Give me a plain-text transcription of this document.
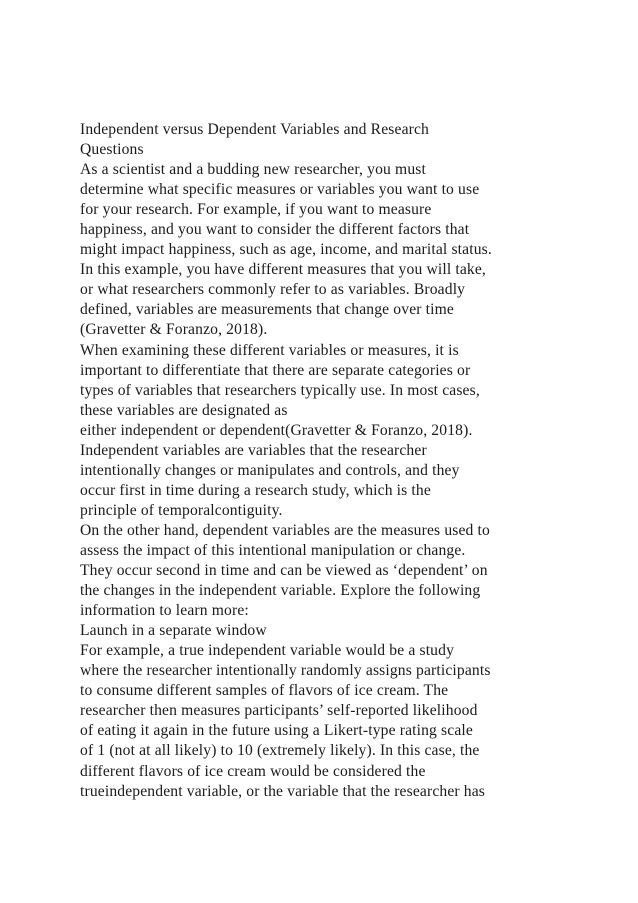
Independent versus Dependent Variables and Research
Questions
As a scientist and a budding new researcher, you must
determine what specific measures or variables you want to use
for your research. For example, if you want to measure
happiness, and you want to consider the different factors that
might impact happiness, such as age, income, and marital status.
In this example, you have different measures that you will take,
or what researchers commonly refer to as variables. Broadly
defined, variables are measurements that change over time
(Gravetter & Foranzo, 2018).
When examining these different variables or measures, it is
important to differentiate that there are separate categories or
types of variables that researchers typically use. In most cases,
these variables are designated as
either independent or dependent(Gravetter & Foranzo, 2018).
Independent variables are variables that the researcher
intentionally changes or manipulates and controls, and they
occur first in time during a research study, which is the
principle of temporalcontiguity.
On the other hand, dependent variables are the measures used to
assess the impact of this intentional manipulation or change.
They occur second in time and can be viewed as ‘dependent’ on
the changes in the independent variable. Explore the following
information to learn more:
Launch in a separate window
For example, a true independent variable would be a study
where the researcher intentionally randomly assigns participants
to consume different samples of flavors of ice cream. The
researcher then measures participants’ self-reported likelihood
of eating it again in the future using a Likert-type rating scale
of 1 (not at all likely) to 10 (extremely likely). In this case, the
different flavors of ice cream would be considered the
trueindependent variable, or the variable that the researcher has
